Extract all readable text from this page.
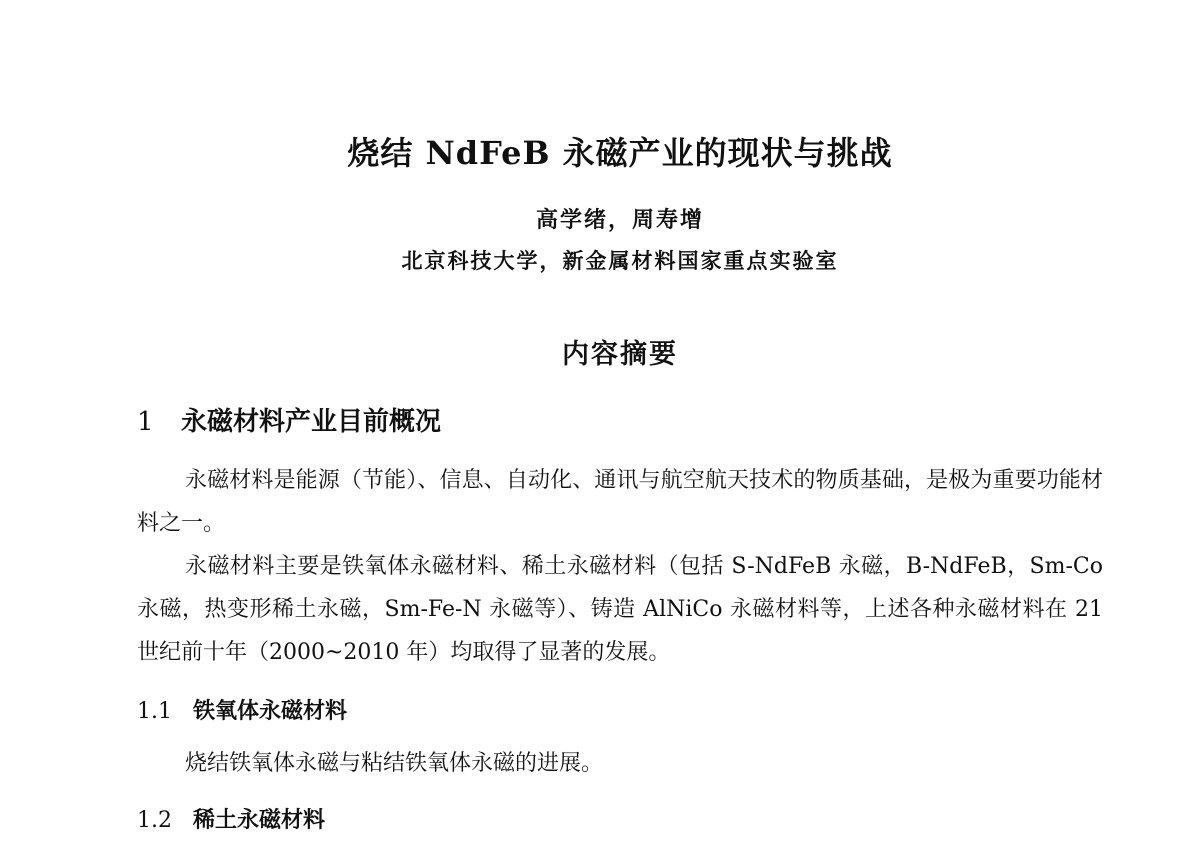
烧结 NdFeB 永磁产业的现状与挑战
高学绪，周寿增
北京科技大学，新金属材料国家重点实验室
内容摘要
1 永磁材料产业目前概况

永磁材料是能源（节能）、信息、自动化、通讯与航空航天技术的物质基础，是极为重要功能材料之一。

永磁材料主要是铁氧体永磁材料、稀土永磁材料（包括 S-NdFeB 永磁，B-NdFeB，Sm-Co 永磁，热变形稀土永磁，Sm-Fe-N 永磁等）、铸造 AlNiCo 永磁材料等，上述各种永磁材料在 21 世纪前十年（2000~2010 年）均取得了显著的发展。

1.1 铁氧体永磁材料

烧结铁氧体永磁与粘结铁氧体永磁的进展。

1.2 稀土永磁材料
